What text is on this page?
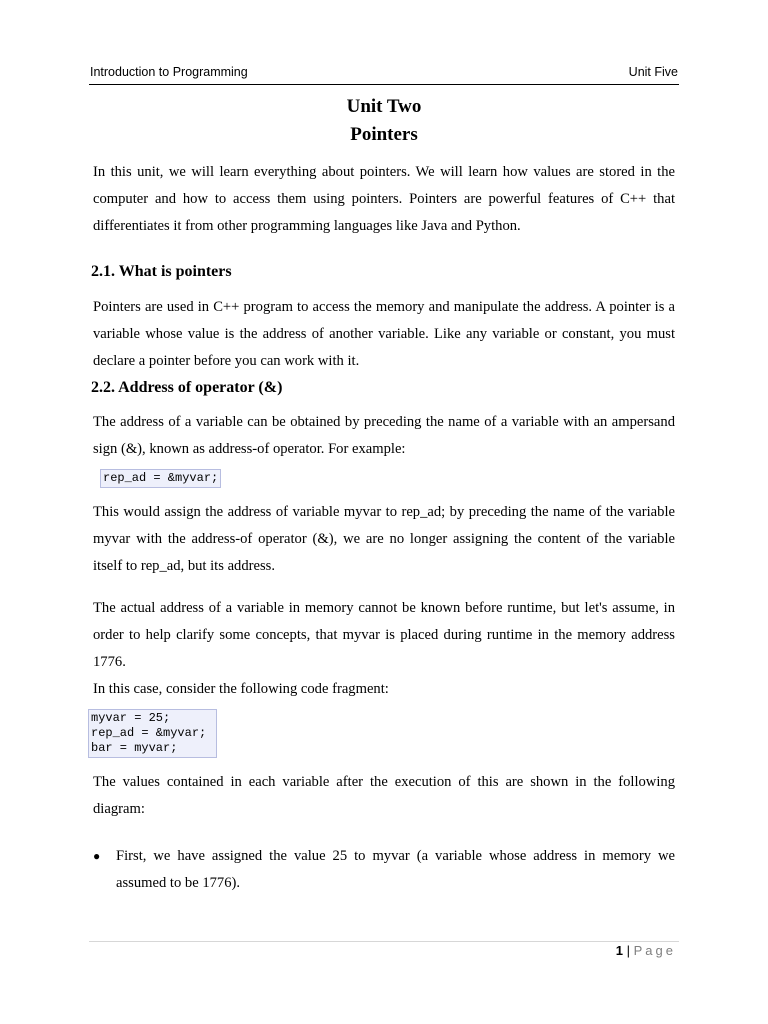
Introduction to Programming	Unit Five
Unit Two
Pointers
In this unit, we will learn everything about pointers. We will learn how values are stored in the computer and how to access them using pointers. Pointers are powerful features of C++ that differentiates it from other programming languages like Java and Python.
2.1. What is pointers
Pointers are used in C++ program to access the memory and manipulate the address. A pointer is a variable whose value is the address of another variable. Like any variable or constant, you must declare a pointer before you can work with it.
2.2. Address of operator (&)
The address of a variable can be obtained by preceding the name of a variable with an ampersand sign (&), known as address-of operator. For example:
rep_ad = &myvar;
This would assign the address of variable myvar to rep_ad; by preceding the name of the variable myvar with the address-of operator (&), we are no longer assigning the content of the variable itself to rep_ad, but its address.
The actual address of a variable in memory cannot be known before runtime, but let's assume, in order to help clarify some concepts, that myvar is placed during runtime in the memory address 1776.
In this case, consider the following code fragment:
myvar = 25;
rep_ad = &myvar;
bar = myvar;
The values contained in each variable after the execution of this are shown in the following diagram:
● First, we have assigned the value 25 to myvar (a variable whose address in memory we assumed to be 1776).
1 | Page
